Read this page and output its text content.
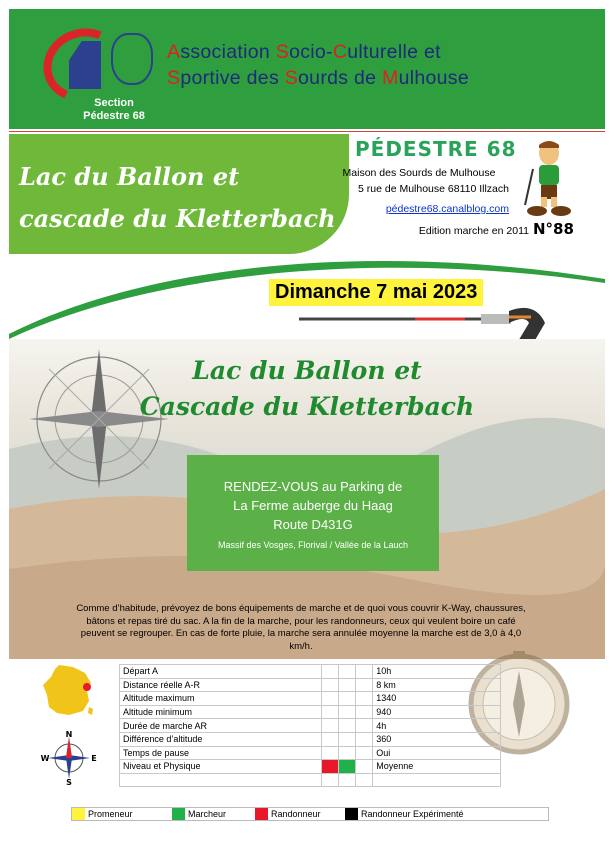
Section
Pédestre 68
Association Socio-Culturelle et
Sportive des Sourds de Mulhouse
Lac du Ballon et
cascade du Kletterbach
PÉDESTRE 68
Maison des Sourds de Mulhouse
5 rue de Mulhouse 68110 Illzach
pédestre68.canalblog.com
Edition marche en 2011 N°88
Dimanche 7 mai 2023
Lac du Ballon et
Cascade du Kletterbach
RENDEZ-VOUS au Parking de
La Ferme auberge du Haag
Route D431G
Massif des Vosges, Florival / Vallée de la Lauch
Comme d’habitude, prévoyez de bons équipements de marche et de quoi vous couvrir K-Way, chaussures, bâtons et repas tiré du sac. A la fin de la marche, pour les randonneurs, ceux qui veulent boire un café peuvent se regrouper. En cas de forte pluie, la marche sera annulée moyenne la marche est de 3,0 à 4,0 km/h.
N
S
E
W
Départ A				10h
Distance réelle A-R				8 km
Altitude maximum				1340
Altitude minimum				940
Durée de marche AR				4h
Différence d’altitude				360
Temps de pause				Oui
Niveau et Physique				Moyenne

Promeneur	Marcheur	Randonneur	Randonneur Expérimenté
